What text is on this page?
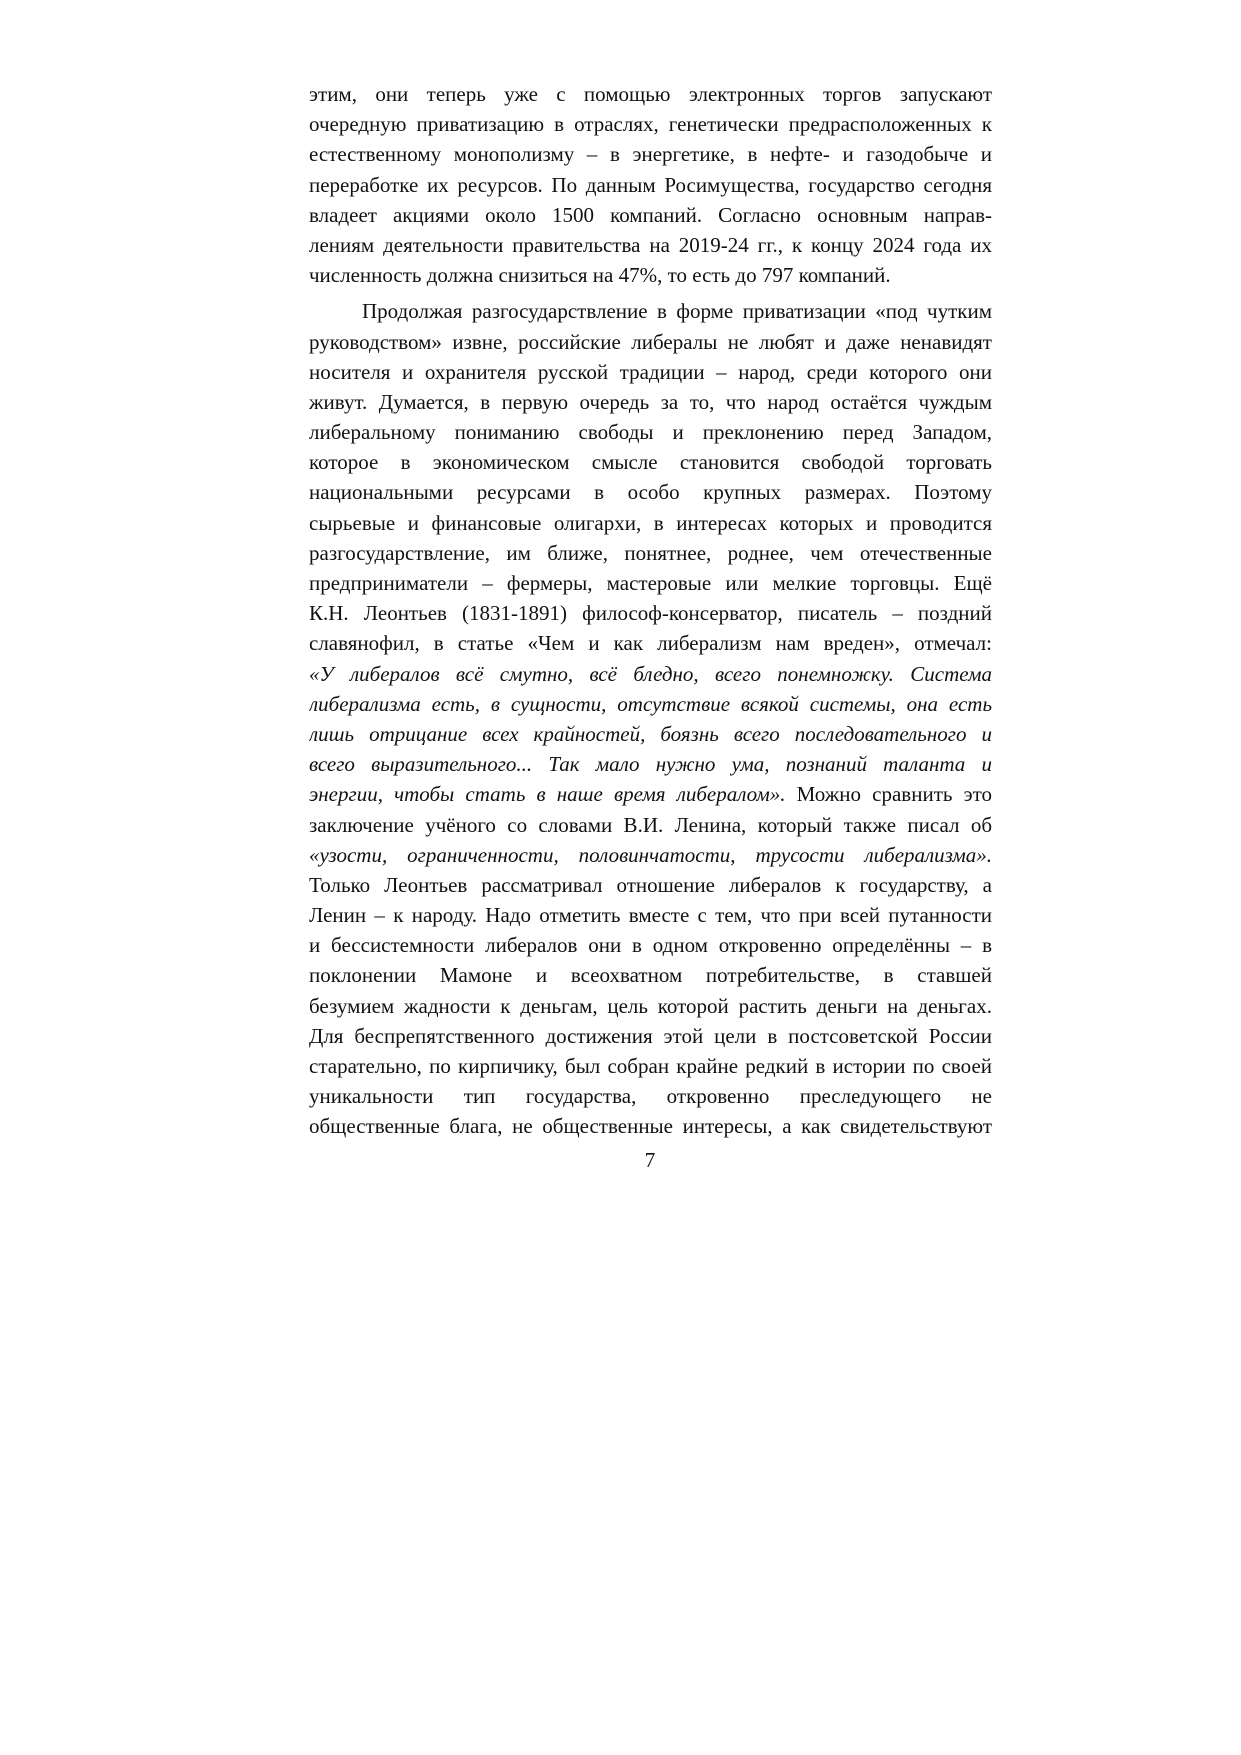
этим, они теперь уже с помощью электронных торгов запускают
очередную приватизацию в отраслях, генетически предрасположенных к
естественному монополизму – в энергетике, в нефте- и газодобыче и
переработке их ресурсов. По данным Росимущества, государство сегодня
владеет акциями около 1500 компаний. Согласно основным направ-
лениям деятельности правительства на 2019-24 гг., к концу 2024 года их
численность должна снизиться на 47%, то есть до 797 компаний.
Продолжая разгосударствление в форме приватизации «под чутким
руководством» извне, российские либералы не любят и даже ненавидят
носителя и охранителя русской традиции – народ, среди которого они
живут. Думается, в первую очередь за то, что народ остаётся чуждым
либеральному пониманию свободы и преклонению перед Западом,
которое в экономическом смысле становится свободой торговать
национальными ресурсами в особо крупных размерах. Поэтому
сырьевые и финансовые олигархи, в интересах которых и проводится
разгосударствление, им ближе, понятнее, роднее, чем отечественные
предприниматели – фермеры, мастеровые или мелкие торговцы. Ещё
К.Н. Леонтьев (1831-1891) философ-консерватор, писатель – поздний
славянофил, в статье «Чем и как либерализм нам вреден», отмечал:
«У либералов всё смутно, всё бледно, всего понемножку. Система
либерализма есть, в сущности, отсутствие всякой системы, она есть
лишь отрицание всех крайностей, боязнь всего последовательного и
всего выразительного... Так мало нужно ума, познаний таланта и
энергии, чтобы стать в наше время либералом». Можно сравнить это
заключение учёного со словами В.И. Ленина, который также писал об
«узости, ограниченности, половинчатости, трусости либерализма».
Только Леонтьев рассматривал отношение либералов к государству, а
Ленин – к народу. Надо отметить вместе с тем, что при всей путанности
и бессистемности либералов они в одном откровенно определённы – в
поклонении Мамоне и всеохватном потребительстве, в ставшей
безумием жадности к деньгам, цель которой растить деньги на деньгах.
Для беспрепятственного достижения этой цели в постсоветской России
старательно, по кирпичику, был собран крайне редкий в истории по своей
уникальности тип государства, откровенно преследующего не
общественные блага, не общественные интересы, а как свидетельствуют
7
